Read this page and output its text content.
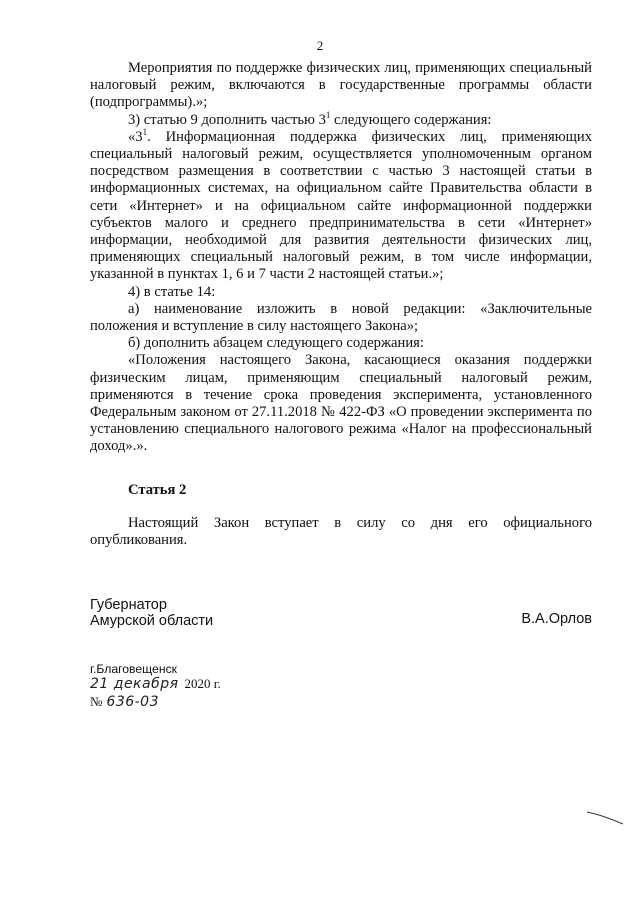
2

Мероприятия по поддержке физических лиц, применяющих специальный налоговый режим, включаются в государственные программы области (подпрограммы).»;

3) статью 9 дополнить частью $3^1$ следующего содержания:

«$3^1$. Информационная поддержка физических лиц, применяющих специальный налоговый режим, осуществляется уполномоченным органом посредством размещения в соответствии с частью 3 настоящей статьи в информационных системах, на официальном сайте Правительства области в сети «Интернет» и на официальном сайте информационной поддержки субъектов малого и среднего предпринимательства в сети «Интернет» информации, необходимой для развития деятельности физических лиц, применяющих специальный налоговый режим, в том числе информации, указанной в пунктах 1, 6 и 7 части 2 настоящей статьи.»;

4) в статье 14:

а) наименование изложить в новой редакции: «Заключительные положения и вступление в силу настоящего Закона»;

б) дополнить абзацем следующего содержания:

«Положения настоящего Закона, касающиеся оказания поддержки физическим лицам, применяющим специальный налоговый режим, применяются в течение срока проведения эксперимента, установленного Федеральным законом от 27.11.2018 № 422-ФЗ «О проведении эксперимента по установлению специального налогового режима «Налог на профессиональный доход».».

Статья 2

Настоящий Закон вступает в силу со дня его официального опубликования.

Губернатор
Амурской области	В.А.Орлов
г.Благовещенск
21 декабря 2020 г.
№ 636-03
